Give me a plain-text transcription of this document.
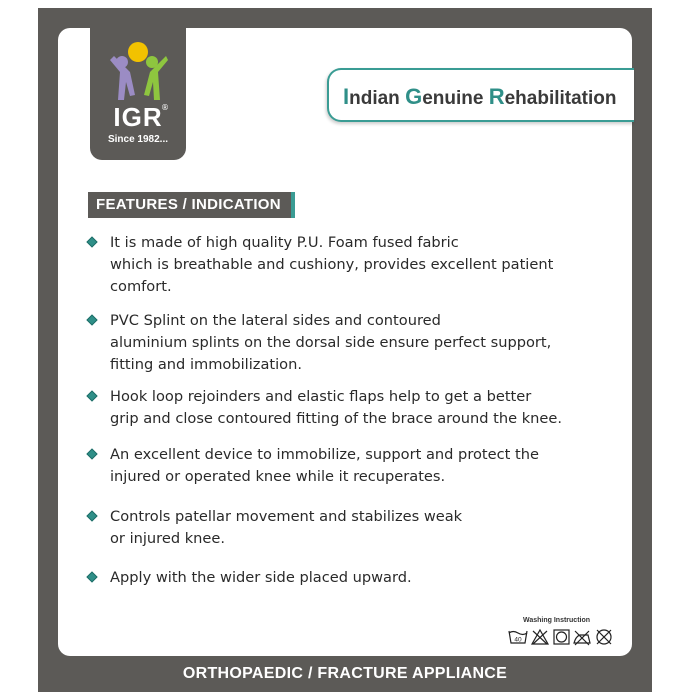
IGR
®
Since 1982...
Indian Genuine Rehabilitation
FEATURES / INDICATION
It is made of high quality P.U. Foam fused fabric
which is breathable and cushiony, provides excellent patient
comfort.
PVC Splint on the lateral sides and contoured
aluminium splints on the dorsal side ensure perfect support,
fitting and immobilization.
Hook loop rejoinders and elastic flaps help to get a better
grip and close contoured fitting of the brace around the knee.
An excellent device to immobilize, support and protect the
injured or operated knee while it recuperates.
Controls patellar movement and stabilizes weak
or injured knee.
Apply with the wider side placed upward.
Washing Instruction
40
ORTHOPAEDIC / FRACTURE APPLIANCE
